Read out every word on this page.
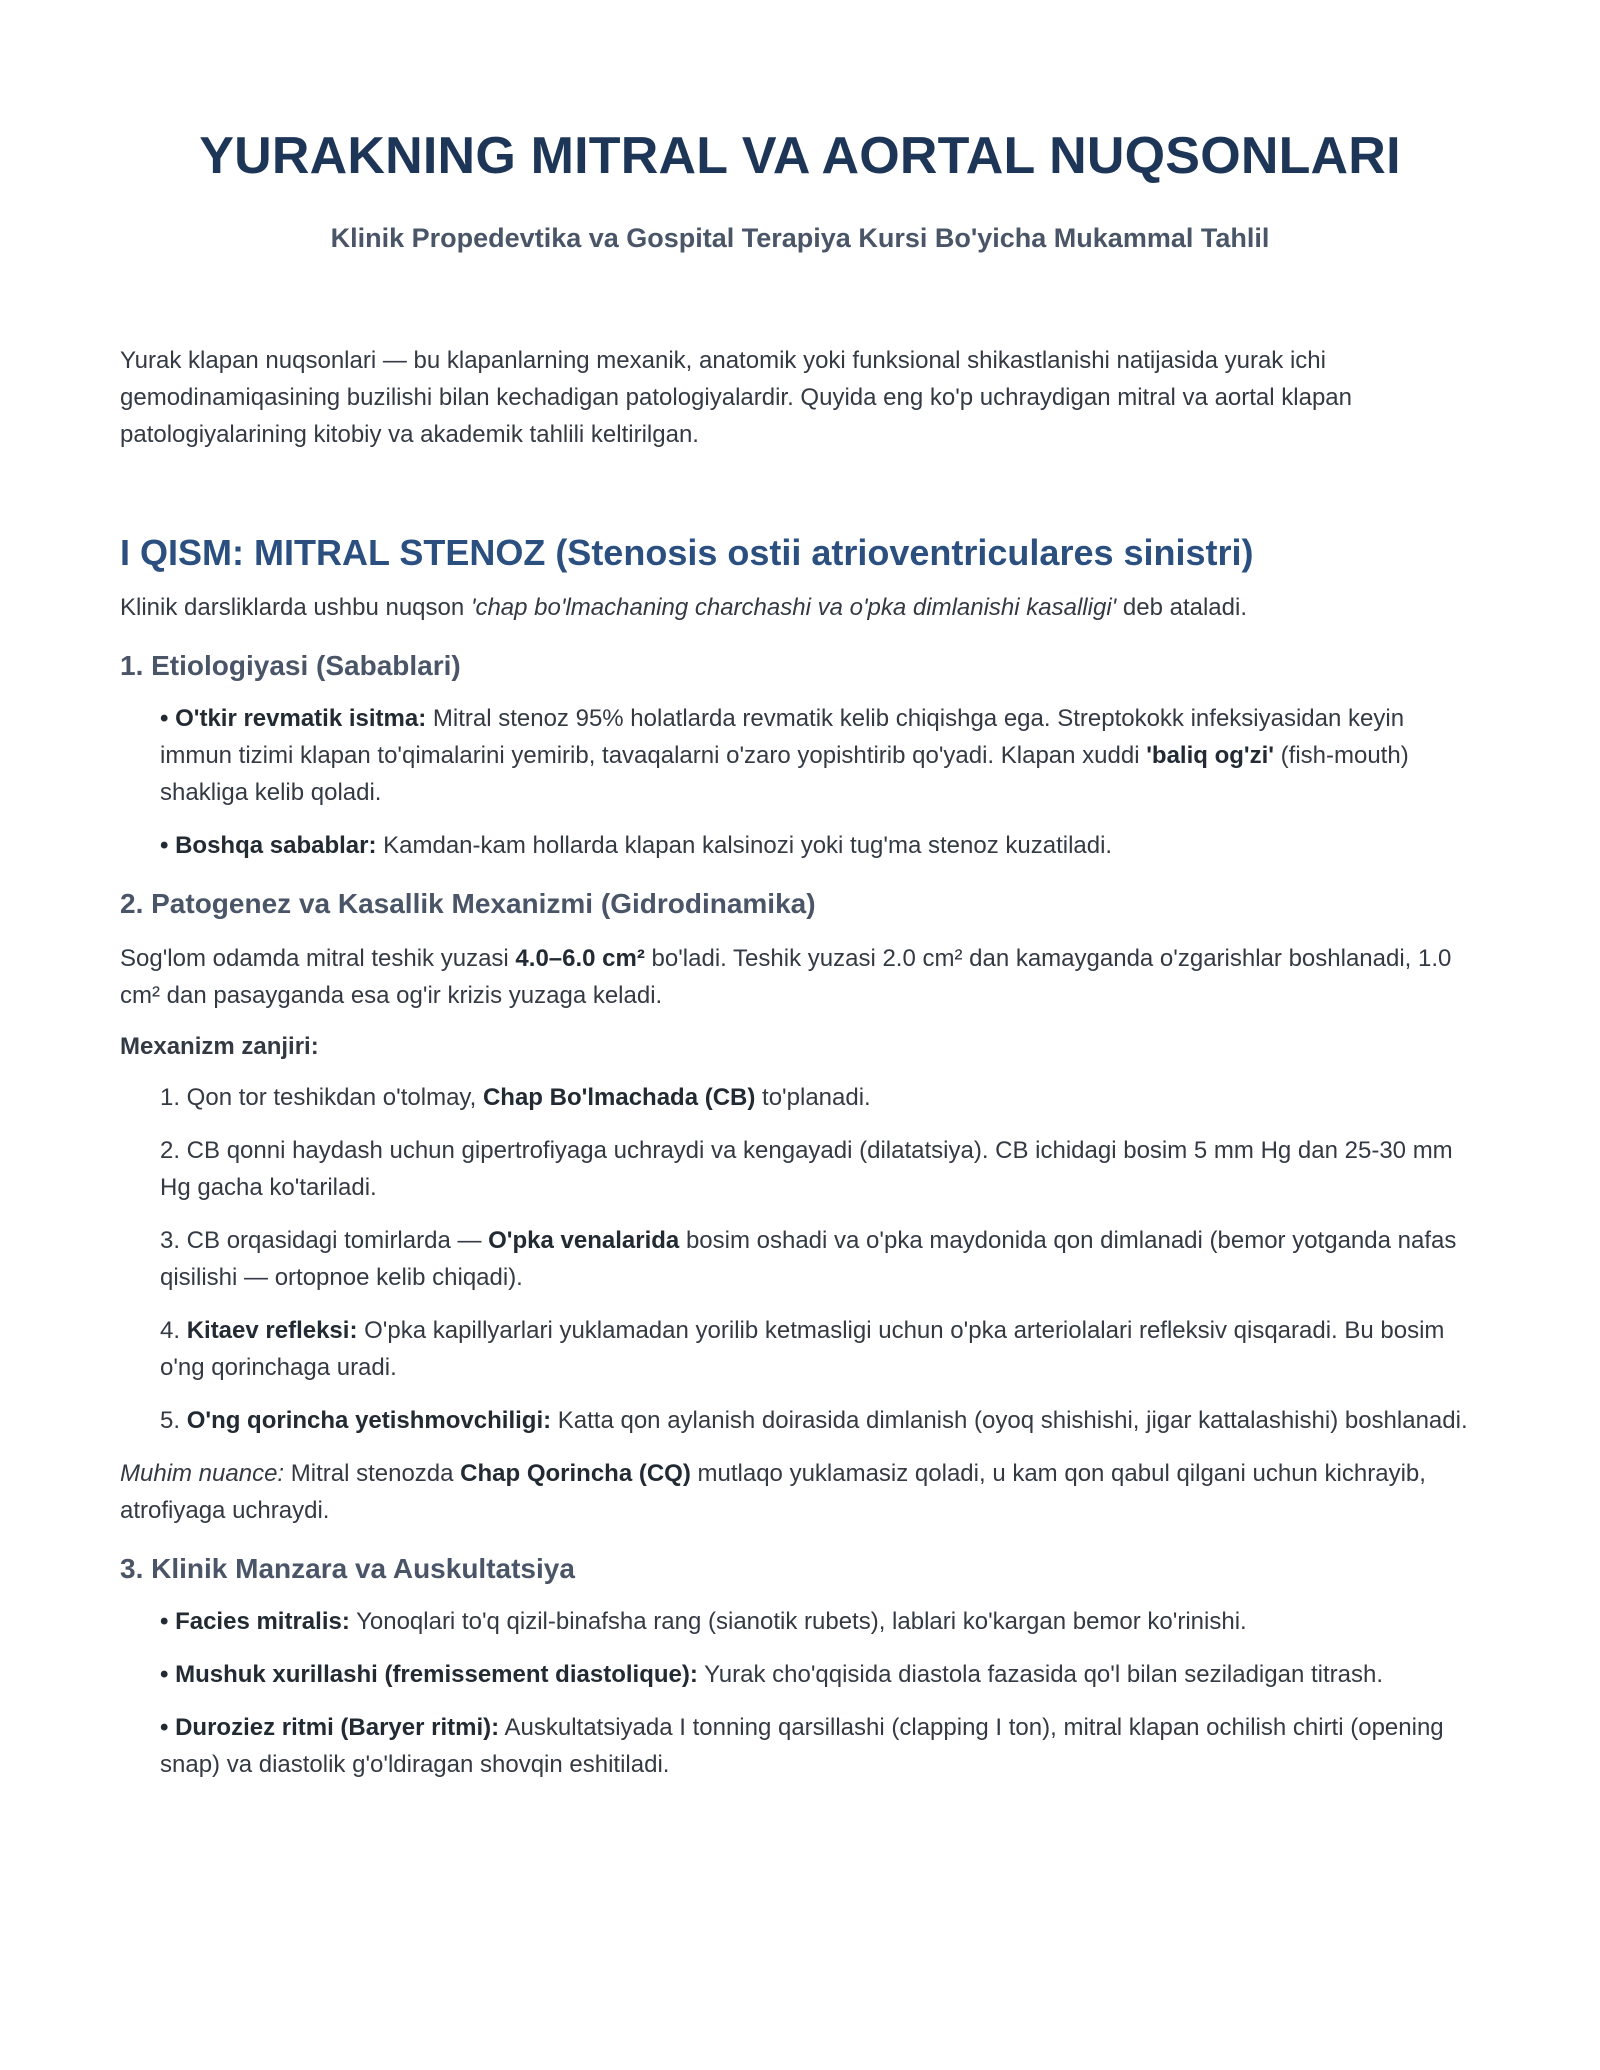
YURAKNING MITRAL VA AORTAL NUQSONLARI

Klinik Propedevtika va Gospital Terapiya Kursi Bo'yicha Mukammal Tahlil

Yurak klapan nuqsonlari — bu klapanlarning mexanik, anatomik yoki funksional shikastlanishi natijasida yurak ichi gemodinamiqasining buzilishi bilan kechadigan patologiyalardir. Quyida eng ko'p uchraydigan mitral va aortal klapan patologiyalarining kitobiy va akademik tahlili keltirilgan.

I QISM: MITRAL STENOZ (Stenosis ostii atrioventriculares sinistri)

Klinik darsliklarda ushbu nuqson 'chap bo'lmachaning charchashi va o'pka dimlanishi kasalligi' deb ataladi.

1. Etiologiyasi (Sabablari)

• O'tkir revmatik isitma: Mitral stenoz 95% holatlarda revmatik kelib chiqishga ega. Streptokokk infeksiyasidan keyin immun tizimi klapan to'qimalarini yemirib, tavaqalarni o'zaro yopishtirib qo'yadi. Klapan xuddi 'baliq og'zi' (fish-mouth) shakliga kelib qoladi.

• Boshqa sabablar: Kamdan-kam hollarda klapan kalsinozi yoki tug'ma stenoz kuzatiladi.

2. Patogenez va Kasallik Mexanizmi (Gidrodinamika)

Sog'lom odamda mitral teshik yuzasi 4.0–6.0 cm² bo'ladi. Teshik yuzasi 2.0 cm² dan kamayganda o'zgarishlar boshlanadi, 1.0 cm² dan pasayganda esa og'ir krizis yuzaga keladi.

Mexanizm zanjiri:

1. Qon tor teshikdan o'tolmay, Chap Bo'lmachada (CB) to'planadi.

2. CB qonni haydash uchun gipertrofiyaga uchraydi va kengayadi (dilatatsiya). CB ichidagi bosim 5 mm Hg dan 25-30 mm Hg gacha ko'tariladi.

3. CB orqasidagi tomirlarda — O'pka venalarida bosim oshadi va o'pka maydonida qon dimlanadi (bemor yotganda nafas qisilishi — ortopnoe kelib chiqadi).

4. Kitaev refleksi: O'pka kapillyarlari yuklamadan yorilib ketmasligi uchun o'pka arteriolalari refleksiv qisqaradi. Bu bosim o'ng qorinchaga uradi.

5. O'ng qorincha yetishmovchiligi: Katta qon aylanish doirasida dimlanish (oyoq shishishi, jigar kattalashishi) boshlanadi.

Muhim nuance: Mitral stenozda Chap Qorincha (CQ) mutlaqo yuklamasiz qoladi, u kam qon qabul qilgani uchun kichrayib, atrofiyaga uchraydi.

3. Klinik Manzara va Auskultatsiya

• Facies mitralis: Yonoqlari to'q qizil-binafsha rang (sianotik rubets), lablari ko'kargan bemor ko'rinishi.

• Mushuk xurillashi (fremissement diastolique): Yurak cho'qqisida diastola fazasida qo'l bilan seziladigan titrash.

• Duroziez ritmi (Baryer ritmi): Auskultatsiyada I tonning qarsillashi (clapping I ton), mitral klapan ochilish chirti (opening snap) va diastolik g'o'ldiragan shovqin eshitiladi.
